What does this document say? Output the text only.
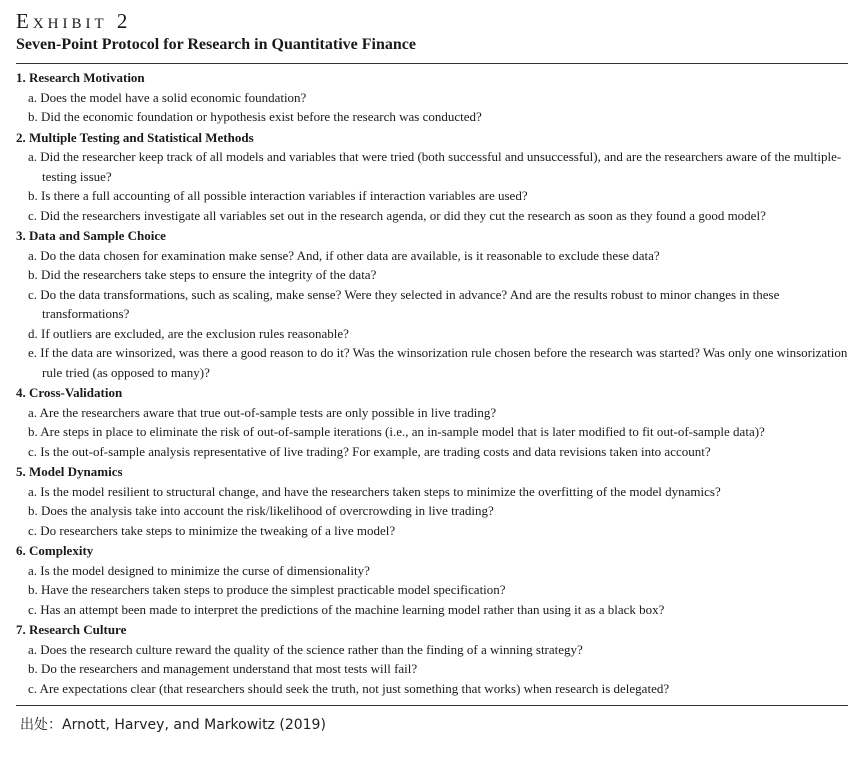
Exhibit 2
Seven-Point Protocol for Research in Quantitative Finance
1. Research Motivation
a. Does the model have a solid economic foundation?
b. Did the economic foundation or hypothesis exist before the research was conducted?
2. Multiple Testing and Statistical Methods
a. Did the researcher keep track of all models and variables that were tried (both successful and unsuccessful), and are the researchers aware of the multiple-testing issue?
b. Is there a full accounting of all possible interaction variables if interaction variables are used?
c. Did the researchers investigate all variables set out in the research agenda, or did they cut the research as soon as they found a good model?
3. Data and Sample Choice
a. Do the data chosen for examination make sense? And, if other data are available, is it reasonable to exclude these data?
b. Did the researchers take steps to ensure the integrity of the data?
c. Do the data transformations, such as scaling, make sense? Were they selected in advance? And are the results robust to minor changes in these transformations?
d. If outliers are excluded, are the exclusion rules reasonable?
e. If the data are winsorized, was there a good reason to do it? Was the winsorization rule chosen before the research was started? Was only one winsorization rule tried (as opposed to many)?
4. Cross-Validation
a. Are the researchers aware that true out-of-sample tests are only possible in live trading?
b. Are steps in place to eliminate the risk of out-of-sample iterations (i.e., an in-sample model that is later modified to fit out-of-sample data)?
c. Is the out-of-sample analysis representative of live trading? For example, are trading costs and data revisions taken into account?
5. Model Dynamics
a. Is the model resilient to structural change, and have the researchers taken steps to minimize the overfitting of the model dynamics?
b. Does the analysis take into account the risk/likelihood of overcrowding in live trading?
c. Do researchers take steps to minimize the tweaking of a live model?
6. Complexity
a. Is the model designed to minimize the curse of dimensionality?
b. Have the researchers taken steps to produce the simplest practicable model specification?
c. Has an attempt been made to interpret the predictions of the machine learning model rather than using it as a black box?
7. Research Culture
a. Does the research culture reward the quality of the science rather than the finding of a winning strategy?
b. Do the researchers and management understand that most tests will fail?
c. Are expectations clear (that researchers should seek the truth, not just something that works) when research is delegated?
出处：Arnott, Harvey, and Markowitz (2019)
